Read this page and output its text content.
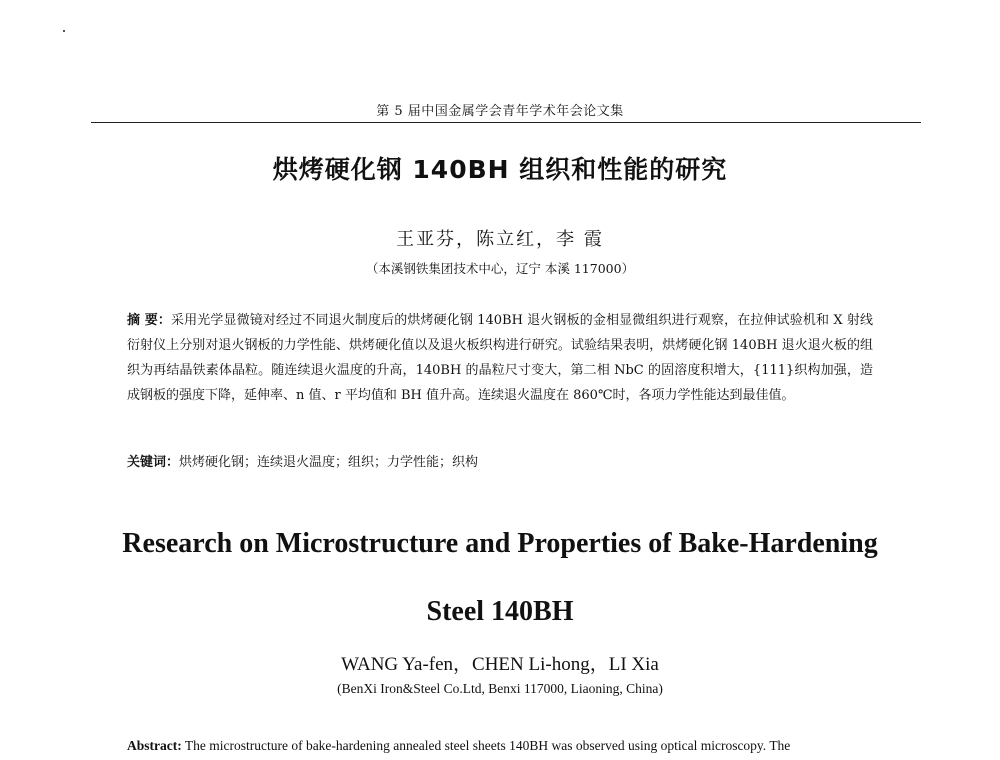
第 5 届中国金属学会青年学术年会论文集
烘烤硬化钢 140BH 组织和性能的研究
王亚芬，陈立红，李 霞
（本溪钢铁集团技术中心，辽宁 本溪 117000）
摘 要：采用光学显微镜对经过不同退火制度后的烘烤硬化钢 140BH 退火钢板的金相显微组织进行观察，在拉伸试验机和 X 射线衍射仪上分别对退火钢板的力学性能、烘烤硬化值以及退火板织构进行研究。试验结果表明，烘烤硬化钢 140BH 退火退火板的组织为再结晶铁素体晶粒。随连续退火温度的升高，140BH 的晶粒尺寸变大，第二相 NbC 的固溶度积增大，{111}织构加强，造成钢板的强度下降，延伸率、n 值、r 平均值和 BH 值升高。连续退火温度在 860℃时，各项力学性能达到最佳值。
关键词：烘烤硬化钢；连续退火温度；组织；力学性能；织构
Research on Microstructure and Properties of Bake-Hardening
Steel 140BH
WANG Ya-fen，CHEN Li-hong，LI Xia
(BenXi Iron&Steel Co.Ltd, Benxi 117000, Liaoning, China)
Abstract: The microstructure of bake-hardening annealed steel sheets 140BH was observed using optical microscopy. The
